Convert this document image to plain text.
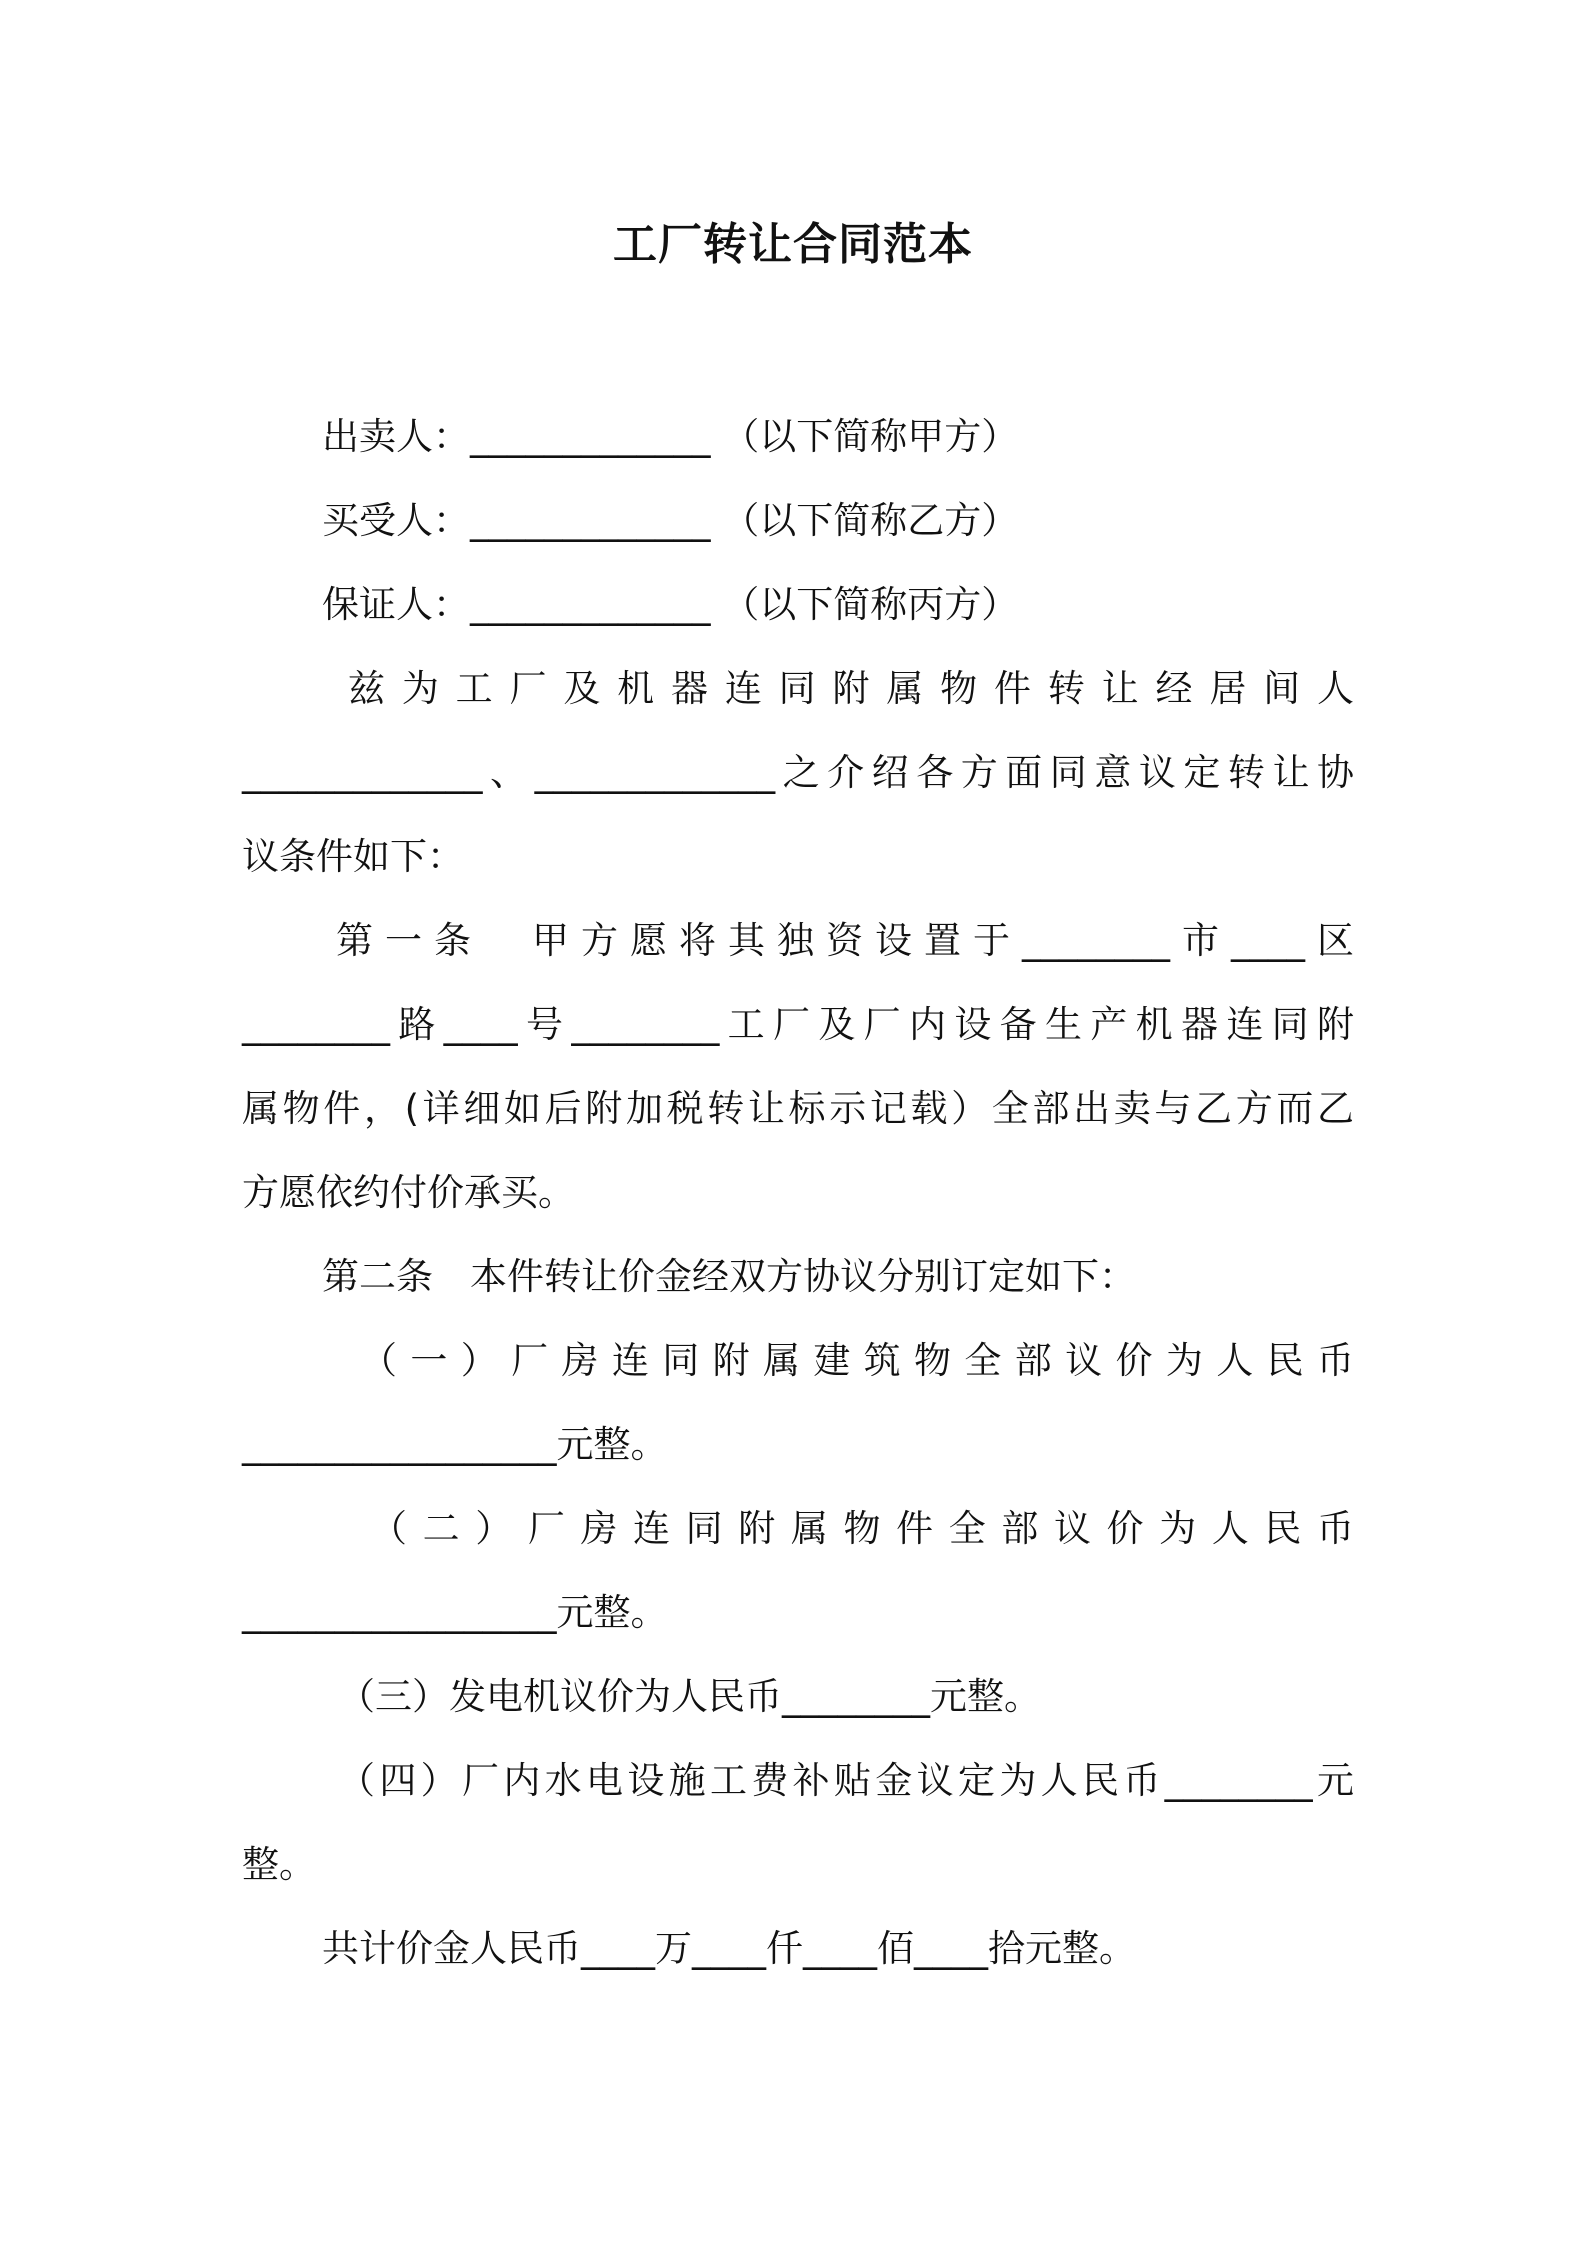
工厂转让合同范本
出卖人：_____________ （以下简称甲方）
买受人：_____________ （以下简称乙方）
保证人：_____________ （以下简称丙方）
兹为工厂及机器连同附属物件转让经居间人
_____________、_____________之介绍各方面同意议定转让协
议条件如下：
第一条　甲方愿将其独资设置于________市____区
________路____号________工厂及厂内设备生产机器连同附
属物件，(详细如后附加税转让标示记载）全部出卖与乙方而乙
方愿依约付价承买。
第二条　本件转让价金经双方协议分别订定如下：
（一）厂房连同附属建筑物全部议价为人民币
_________________元整。
（二）厂房连同附属物件全部议价为人民币
_________________元整。
（三）发电机议价为人民币________元整。
（四）厂内水电设施工费补贴金议定为人民币________元
整。
共计价金人民币____万____仟____佰____拾元整。
